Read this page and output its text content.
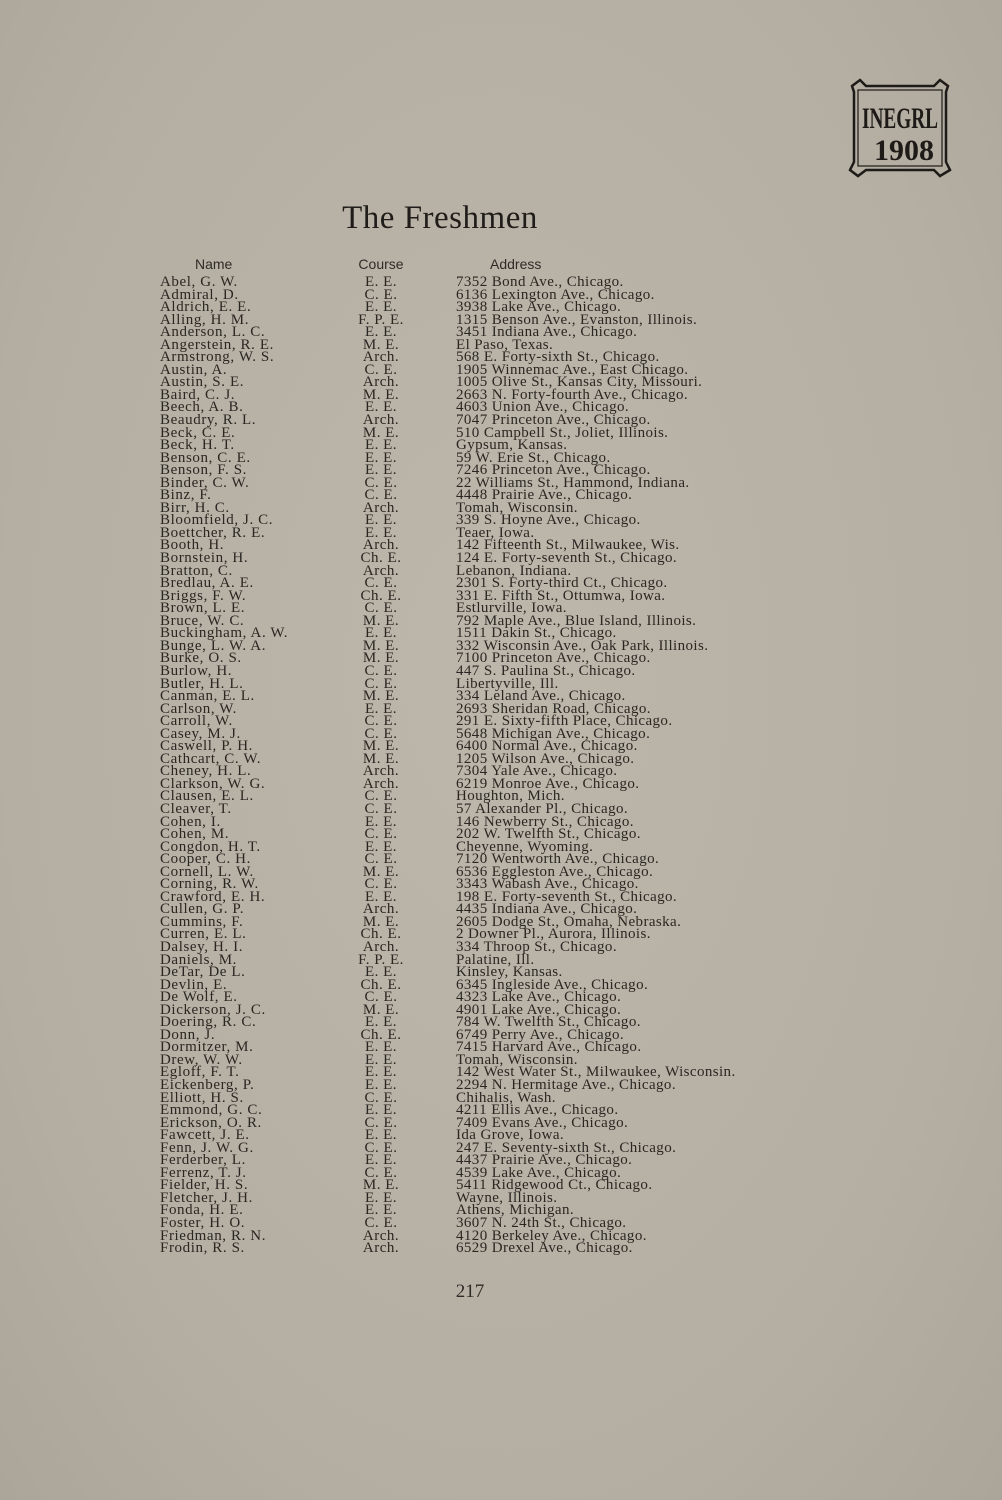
INEGRL
1908
The Freshmen
Name	Course	Address
Abel, G. W.	E. E.	7352 Bond Ave., Chicago.
Admiral, D.	C. E.	6136 Lexington Ave., Chicago.
Aldrich, E. E.	E. E.	3938 Lake Ave., Chicago.
Alling, H. M.	F. P. E.	1315 Benson Ave., Evanston, Illinois.
Anderson, L. C.	E. E.	3451 Indiana Ave., Chicago.
Angerstein, R. E.	M. E.	El Paso, Texas.
Armstrong, W. S.	Arch.	568 E. Forty-sixth St., Chicago.
Austin, A.	C. E.	1905 Winnemac Ave., East Chicago.
Austin, S. E.	Arch.	1005 Olive St., Kansas City, Missouri.
Baird, C. J.	M. E.	2663 N. Forty-fourth Ave., Chicago.
Beech, A. B.	E. E.	4603 Union Ave., Chicago.
Beaudry, R. L.	Arch.	7047 Princeton Ave., Chicago.
Beck, C. E.	M. E.	510 Campbell St., Joliet, Illinois.
Beck, H. T.	E. E.	Gypsum, Kansas.
Benson, C. E.	E. E.	59 W. Erie St., Chicago.
Benson, F. S.	E. E.	7246 Princeton Ave., Chicago.
Binder, C. W.	C. E.	22 Williams St., Hammond, Indiana.
Binz, F.	C. E.	4448 Prairie Ave., Chicago.
Birr, H. C.	Arch.	Tomah, Wisconsin.
Bloomfield, J. C.	E. E.	339 S. Hoyne Ave., Chicago.
Boettcher, R. E.	E. E.	Teaer, Iowa.
Booth, H.	Arch.	142 Fifteenth St., Milwaukee, Wis.
Bornstein, H.	Ch. E.	124 E. Forty-seventh St., Chicago.
Bratton, C.	Arch.	Lebanon, Indiana.
Bredlau, A. E.	C. E.	2301 S. Forty-third Ct., Chicago.
Briggs, F. W.	Ch. E.	331 E. Fifth St., Ottumwa, Iowa.
Brown, L. E.	C. E.	Estlurville, Iowa.
Bruce, W. C.	M. E.	792 Maple Ave., Blue Island, Illinois.
Buckingham, A. W.	E. E.	1511 Dakin St., Chicago.
Bunge, L. W. A.	M. E.	332 Wisconsin Ave., Oak Park, Illinois.
Burke, O. S.	M. E.	7100 Princeton Ave., Chicago.
Burlow, H.	C. E.	447 S. Paulina St., Chicago.
Butler, H. L.	C. E.	Libertyville, Ill.
Canman, E. L.	M. E.	334 Leland Ave., Chicago.
Carlson, W.	E. E.	2693 Sheridan Road, Chicago.
Carroll, W.	C. E.	291 E. Sixty-fifth Place, Chicago.
Casey, M. J.	C. E.	5648 Michigan Ave., Chicago.
Caswell, P. H.	M. E.	6400 Normal Ave., Chicago.
Cathcart, C. W.	M. E.	1205 Wilson Ave., Chicago.
Cheney, H. L.	Arch.	7304 Yale Ave., Chicago.
Clarkson, W. G.	Arch.	6219 Monroe Ave., Chicago.
Clausen, E. L.	C. E.	Houghton, Mich.
Cleaver, T.	C. E.	57 Alexander Pl., Chicago.
Cohen, I.	E. E.	146 Newberry St., Chicago.
Cohen, M.	C. E.	202 W. Twelfth St., Chicago.
Congdon, H. T.	E. E.	Cheyenne, Wyoming.
Cooper, C. H.	C. E.	7120 Wentworth Ave., Chicago.
Cornell, L. W.	M. E.	6536 Eggleston Ave., Chicago.
Corning, R. W.	C. E.	3343 Wabash Ave., Chicago.
Crawford, E. H.	E. E.	198 E. Forty-seventh St., Chicago.
Cullen, G. P.	Arch.	4435 Indiana Ave., Chicago.
Cummins, F.	M. E.	2605 Dodge St., Omaha, Nebraska.
Curren, E. L.	Ch. E.	2 Downer Pl., Aurora, Illinois.
Dalsey, H. I.	Arch.	334 Throop St., Chicago.
Daniels, M.	F. P. E.	Palatine, Ill.
DeTar, De L.	E. E.	Kinsley, Kansas.
Devlin, E.	Ch. E.	6345 Ingleside Ave., Chicago.
De Wolf, E.	C. E.	4323 Lake Ave., Chicago.
Dickerson, J. C.	M. E.	4901 Lake Ave., Chicago.
Doering, R. C.	E. E.	784 W. Twelfth St., Chicago.
Donn, J.	Ch. E.	6749 Perry Ave., Chicago.
Dormitzer, M.	E. E.	7415 Harvard Ave., Chicago.
Drew, W. W.	E. E.	Tomah, Wisconsin.
Egloff, F. T.	E. E.	142 West Water St., Milwaukee, Wisconsin.
Eickenberg, P.	E. E.	2294 N. Hermitage Ave., Chicago.
Elliott, H. S.	C. E.	Chihalis, Wash.
Emmond, G. C.	E. E.	4211 Ellis Ave., Chicago.
Erickson, O. R.	C. E.	7409 Evans Ave., Chicago.
Fawcett, J. E.	E. E.	Ida Grove, Iowa.
Fenn, J. W. G.	C. E.	247 E. Seventy-sixth St., Chicago.
Ferderber, L.	E. E.	4437 Prairie Ave., Chicago.
Ferrenz, T. J.	C. E.	4539 Lake Ave., Chicago.
Fielder, H. S.	M. E.	5411 Ridgewood Ct., Chicago.
Fletcher, J. H.	E. E.	Wayne, Illinois.
Fonda, H. E.	E. E.	Athens, Michigan.
Foster, H. O.	C. E.	3607 N. 24th St., Chicago.
Friedman, R. N.	Arch.	4120 Berkeley Ave., Chicago.
Frodin, R. S.	Arch.	6529 Drexel Ave., Chicago.
217
